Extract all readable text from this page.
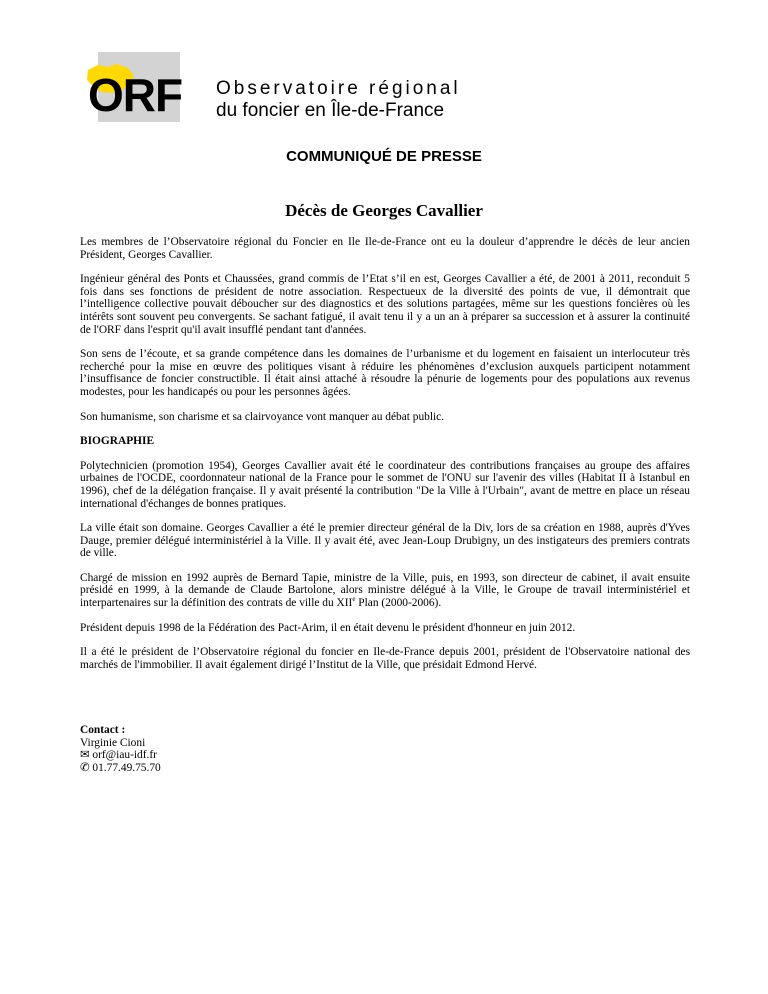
ORF Observatoire régional
du foncier en Île-de-France
COMMUNIQUÉ DE PRESSE
Décès de Georges Cavallier

Les membres de l’Observatoire régional du Foncier en Ile Ile-de-France ont eu la douleur d’apprendre le décès de leur ancien Président, Georges Cavallier.

Ingénieur général des Ponts et Chaussées, grand commis de l’Etat s’il en est, Georges Cavallier a été, de 2001 à 2011, reconduit 5 fois dans ses fonctions de président de notre association. Respectueux de la diversité des points de vue, il démontrait que l’intelligence collective pouvait déboucher sur des diagnostics et des solutions partagées, même sur les questions foncières où les intérêts sont souvent peu convergents. Se sachant fatigué, il avait tenu il y a un an à préparer sa succession et à assurer la continuité de l'ORF dans l'esprit qu'il avait insufflé pendant tant d'années.

Son sens de l’écoute, et sa grande compétence dans les domaines de l’urbanisme et du logement en faisaient un interlocuteur très recherché pour la mise en œuvre des politiques visant à réduire les phénomènes d’exclusion auxquels participent notamment l’insuffisance de foncier constructible. Il était ainsi attaché à résoudre la pénurie de logements pour des populations aux revenus modestes, pour les handicapés ou pour les personnes âgées.

Son humanisme, son charisme et sa clairvoyance vont manquer au débat public.

BIOGRAPHIE

Polytechnicien (promotion 1954), Georges Cavallier avait été le coordinateur des contributions françaises au groupe des affaires urbaines de l'OCDE, coordonnateur national de la France pour le sommet de l'ONU sur l'avenir des villes (Habitat II à Istanbul en 1996), chef de la délégation française. Il y avait présenté la contribution "De la Ville à l'Urbain", avant de mettre en place un réseau international d'échanges de bonnes pratiques.

La ville était son domaine. Georges Cavallier a été le premier directeur général de la Div, lors de sa création en 1988, auprès d'Yves Dauge, premier délégué interministériel à la Ville. Il y avait été, avec Jean-Loup Drubigny, un des instigateurs des premiers contrats de ville.

Chargé de mission en 1992 auprès de Bernard Tapie, ministre de la Ville, puis, en 1993, son directeur de cabinet, il avait ensuite présidé en 1999, à la demande de Claude Bartolone, alors ministre délégué à la Ville, le Groupe de travail interministériel et interpartenaires sur la définition des contrats de ville du XIIe Plan (2000-2006).

Président depuis 1998 de la Fédération des Pact-Arim, il en était devenu le président d'honneur en juin 2012.

Il a été le président de l’Observatoire régional du foncier en Ile-de-France depuis 2001, président de l'Observatoire national des marchés de l'immobilier. Il avait également dirigé l’Institut de la Ville, que présidait Edmond Hervé.

Contact :
Virginie Cioni
✉ orf@iau-idf.fr
✆ 01.77.49.75.70
